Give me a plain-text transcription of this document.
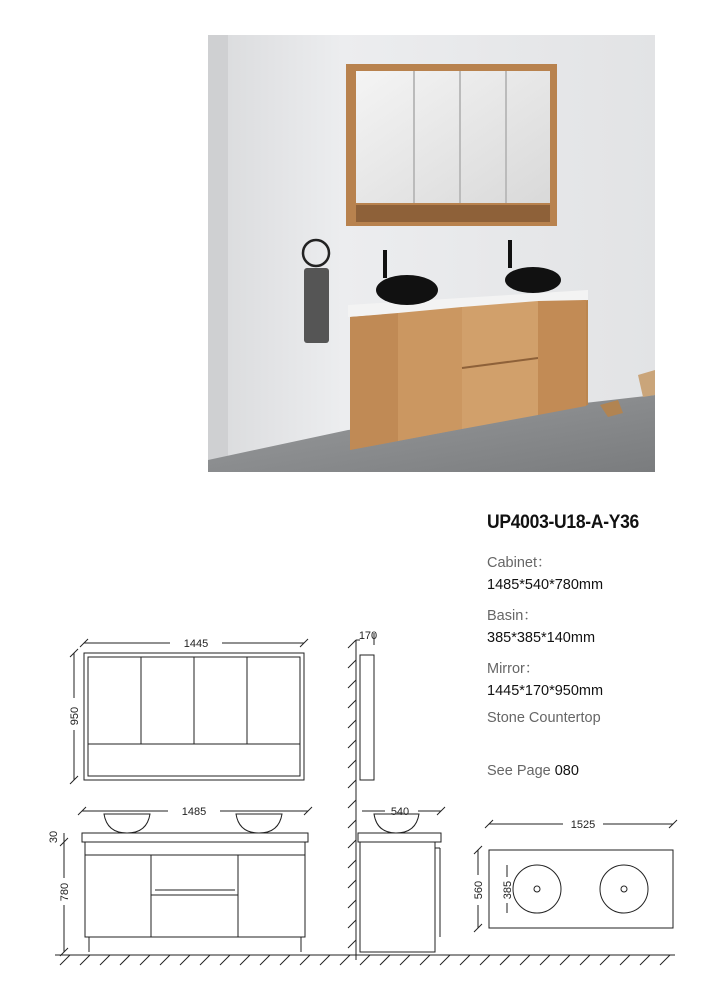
UP4003-U18-A-Y36
Cabinet：
1485*540*780mm
Basin：
385*385*140mm
Mirror：
1445*170*950mm
Stone Countertop
See Page 080
1445
950
170
1485
30
780
540
1525
560 385
